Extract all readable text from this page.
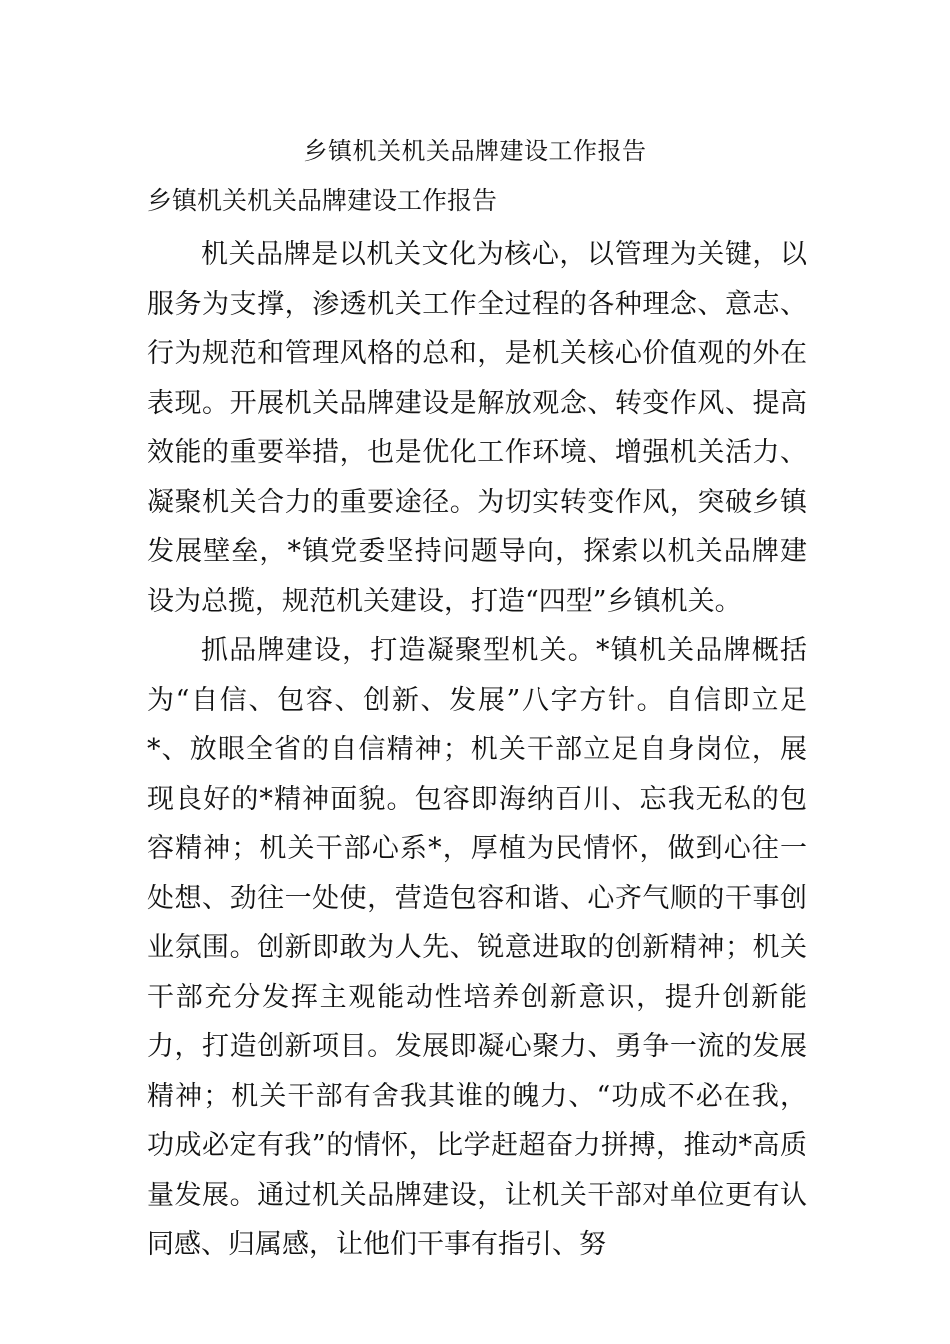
乡镇机关机关品牌建设工作报告
乡镇机关机关品牌建设工作报告

机关品牌是以机关文化为核心，以管理为关键，以服务为支撑，渗透机关工作全过程的各种理念、意志、行为规范和管理风格的总和，是机关核心价值观的外在表现。开展机关品牌建设是解放观念、转变作风、提高效能的重要举措，也是优化工作环境、增强机关活力、凝聚机关合力的重要途径。为切实转变作风，突破乡镇发展壁垒，*镇党委坚持问题导向，探索以机关品牌建设为总揽，规范机关建设，打造“四型”乡镇机关。

抓品牌建设，打造凝聚型机关。*镇机关品牌概括为“自信、包容、创新、发展”八字方针。自信即立足*、放眼全省的自信精神；机关干部立足自身岗位，展现良好的*精神面貌。包容即海纳百川、忘我无私的包容精神；机关干部心系*，厚植为民情怀，做到心往一处想、劲往一处使，营造包容和谐、心齐气顺的干事创业氛围。创新即敢为人先、锐意进取的创新精神；机关干部充分发挥主观能动性培养创新意识，提升创新能力，打造创新项目。发展即凝心聚力、勇争一流的发展精神；机关干部有舍我其谁的魄力、“功成不必在我，功成必定有我”的情怀，比学赶超奋力拼搏，推动*高质量发展。通过机关品牌建设，让机关干部对单位更有认同感、归属感，让他们干事有指引、努
